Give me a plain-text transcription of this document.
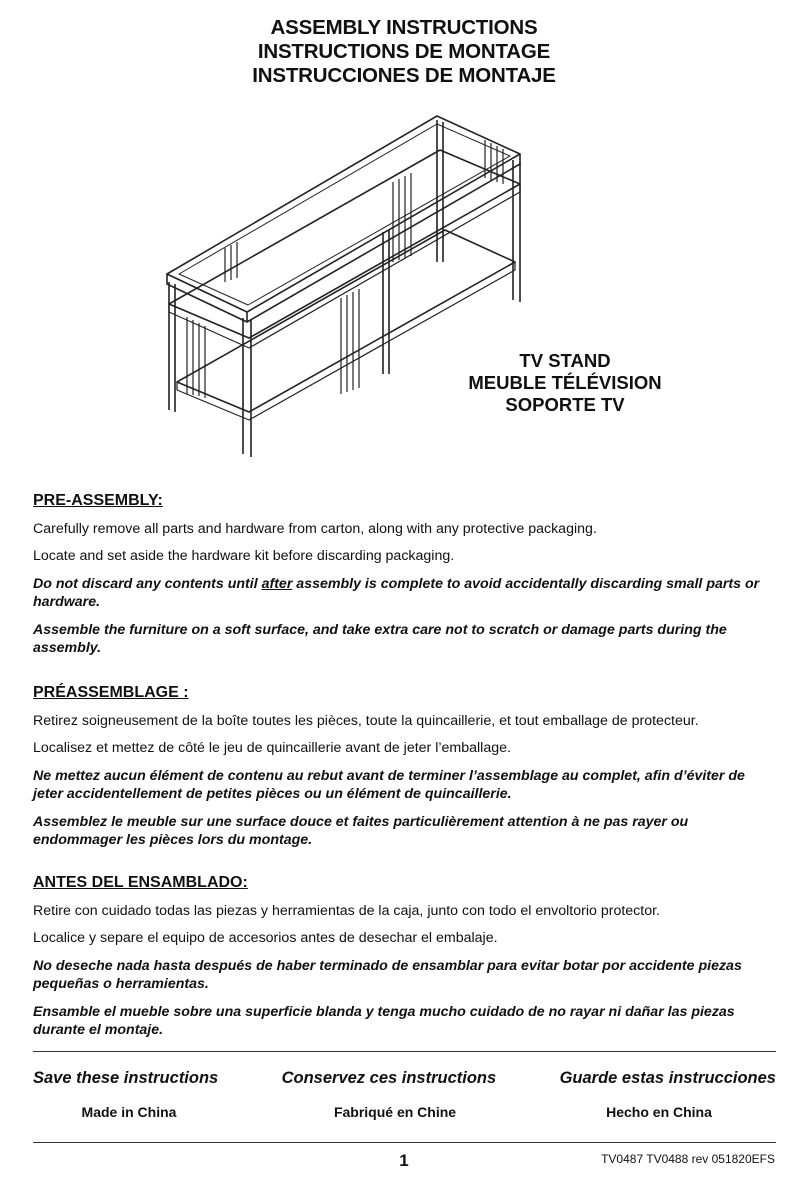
ASSEMBLY INSTRUCTIONS
INSTRUCTIONS DE MONTAGE
INSTRUCCIONES DE MONTAJE
TV STAND
MEUBLE TÉLÉVISION
SOPORTE TV
PRE-ASSEMBLY:

Carefully remove all parts and hardware from carton, along with any protective packaging.

Locate and set aside the hardware kit before discarding packaging.

Do not discard any contents until after assembly is complete to avoid accidentally discarding small parts or hardware.

Assemble the furniture on a soft surface, and take extra care not to scratch or damage parts during the assembly.

PRÉASSEMBLAGE :

Retirez soigneusement de la boîte toutes les pièces, toute la quincaillerie, et tout emballage de protecteur.

Localisez et mettez de côté le jeu de quincaillerie avant de jeter l’emballage.

Ne mettez aucun élément de contenu au rebut avant de terminer l’assemblage au complet, afin d’éviter de jeter accidentellement de petites pièces ou un élément de quincaillerie.

Assemblez le meuble sur une surface douce et faites particulièrement attention à ne pas rayer ou endommager les pièces lors du montage.

ANTES DEL ENSAMBLADO:

Retire con cuidado todas las piezas y herramientas de la caja, junto con todo el envoltorio protector.

Localice y separe el equipo de accesorios antes de desechar el embalaje.

No deseche nada hasta después de haber terminado de ensamblar para evitar botar por accidente piezas pequeñas o herramientas.

Ensamble el mueble sobre una superficie blanda y tenga mucho cuidado de no rayar ni dañar las piezas durante el montaje.

Save these instructions	Conservez ces instructions	Guarde estas instrucciones
Made in China	Fabriqué en Chine	Hecho en China
1	TV0487 TV0488 rev 051820EFS
